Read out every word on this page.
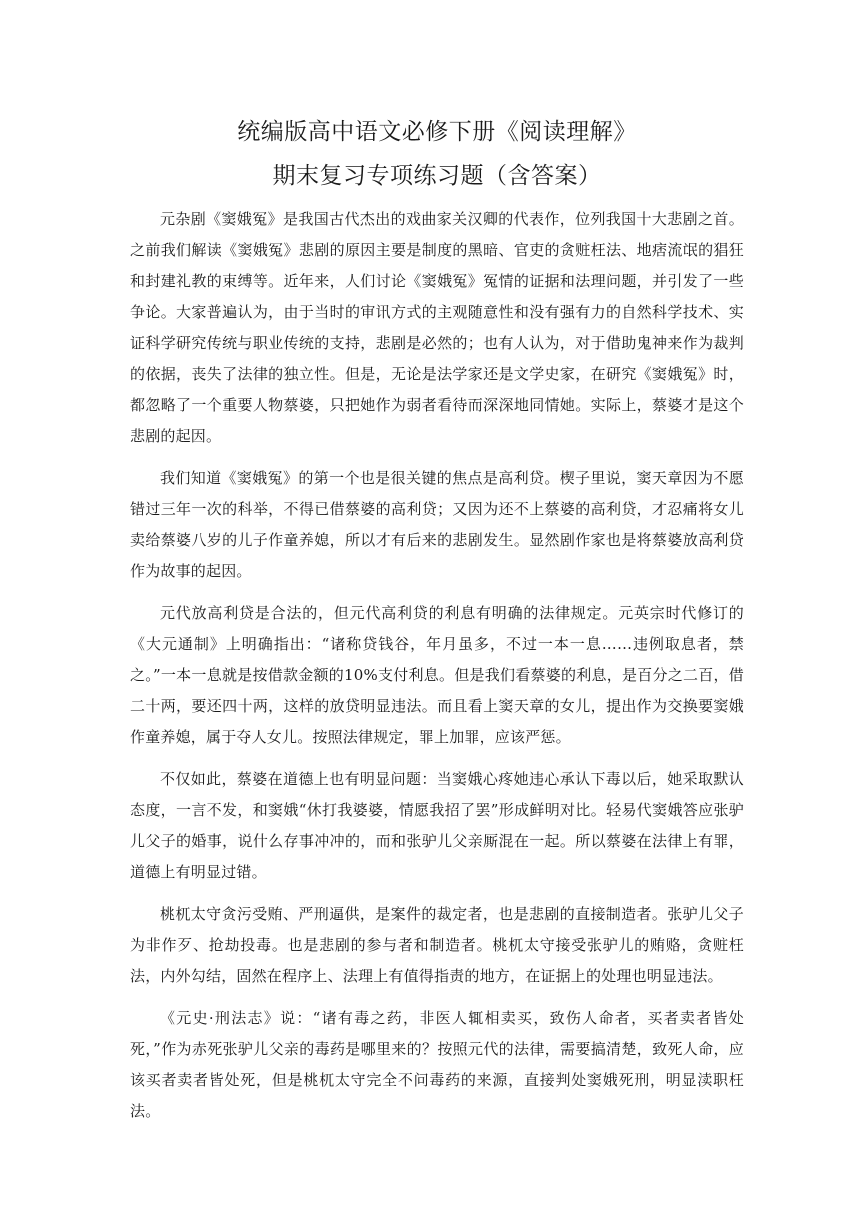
统编版高中语文必修下册《阅读理解》
期末复习专项练习题（含答案）

元杂剧《窦娥冤》是我国古代杰出的戏曲家关汉卿的代表作，位列我国十大悲剧之首。之前我们解读《窦娥冤》悲剧的原因主要是制度的黑暗、官吏的贪赃枉法、地痞流氓的猖狂和封建礼教的束缚等。近年来，人们讨论《窦娥冤》冤情的证据和法理问题，并引发了一些争论。大家普遍认为，由于当时的审讯方式的主观随意性和没有强有力的自然科学技术、实证科学研究传统与职业传统的支持，悲剧是必然的；也有人认为，对于借助鬼神来作为裁判的依据，丧失了法律的独立性。但是，无论是法学家还是文学史家，在研究《窦娥冤》时，都忽略了一个重要人物蔡婆，只把她作为弱者看待而深深地同情她。实际上，蔡婆才是这个悲剧的起因。

我们知道《窦娥冤》的第一个也是很关键的焦点是高利贷。楔子里说，窦天章因为不愿错过三年一次的科举，不得已借蔡婆的高利贷；又因为还不上蔡婆的高利贷，才忍痛将女儿卖给蔡婆八岁的儿子作童养媳，所以才有后来的悲剧发生。显然剧作家也是将蔡婆放高利贷作为故事的起因。

元代放高利贷是合法的，但元代高利贷的利息有明确的法律规定。元英宗时代修订的《大元通制》上明确指出：“诸称贷钱谷，年月虽多，不过一本一息……违例取息者，禁之。”一本一息就是按借款金额的10%支付利息。但是我们看蔡婆的利息，是百分之二百，借二十两，要还四十两，这样的放贷明显违法。而且看上窦天章的女儿，提出作为交换要窦娥作童养媳，属于夺人女儿。按照法律规定，罪上加罪，应该严惩。

不仅如此，蔡婆在道德上也有明显问题：当窦娥心疼她违心承认下毒以后，她采取默认态度，一言不发，和窦娥“休打我婆婆，情愿我招了罢”形成鲜明对比。轻易代窦娥答应张驴儿父子的婚事，说什么存事冲冲的，而和张驴儿父亲厮混在一起。所以蔡婆在法律上有罪，道德上有明显过错。

桃杌太守贪污受贿、严刑逼供，是案件的裁定者，也是悲剧的直接制造者。张驴儿父子为非作歹、抢劫投毒。也是悲剧的参与者和制造者。桃杌太守接受张驴儿的贿赂，贪赃枉法，内外勾结，固然在程序上、法理上有值得指责的地方，在证据上的处理也明显违法。

《元史·刑法志》说：“诸有毒之药，非医人辄相卖买，致伤人命者，买者卖者皆处死，”作为赤死张驴儿父亲的毒药是哪里来的？按照元代的法律，需要搞清楚，致死人命，应该买者卖者皆处死，但是桃杌太守完全不问毒药的来源，直接判处窦娥死刑，明显渎职枉法。
